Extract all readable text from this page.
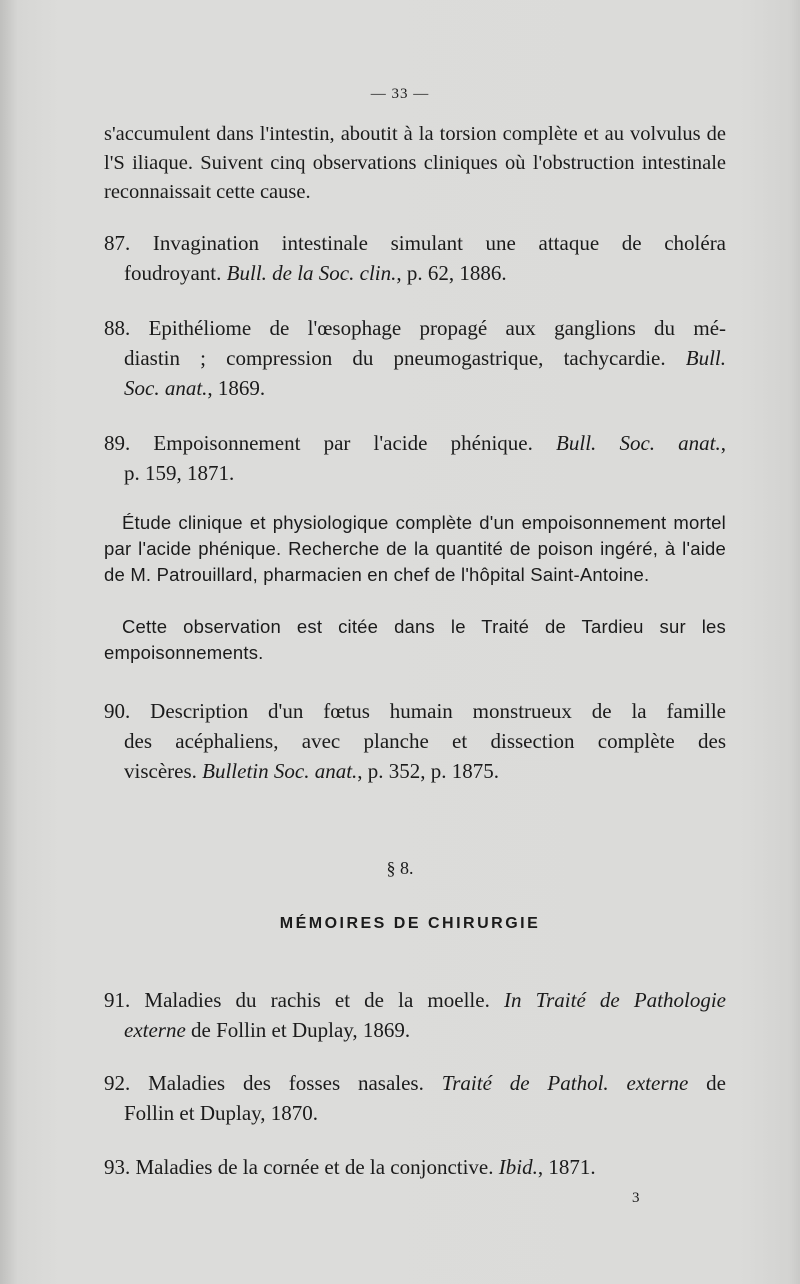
— 33 —

s'accumulent dans l'intestin, aboutit à la torsion complète et au volvulus de l'S iliaque. Suivent cinq observations cliniques où l'obstruction intestinale reconnaissait cette cause.

87. Invagination intestinale simulant une attaque de choléra
foudroyant. Bull. de la Soc. clin., p. 62, 1886.
88. Epithéliome de l'œsophage propagé aux ganglions du mé-
diastin ; compression du pneumogastrique, tachycardie. Bull.
Soc. anat., 1869.
89. Empoisonnement par l'acide phénique. Bull. Soc. anat.,
p. 159, 1871.

Étude clinique et physiologique complète d'un empoisonnement mortel par l'acide phénique. Recherche de la quantité de poison ingéré, à l'aide de M. Patrouillard, pharmacien en chef de l'hôpital Saint-Antoine.

Cette observation est citée dans le Traité de Tardieu sur les empoisonnements.

90. Description d'un fœtus humain monstrueux de la famille
des acéphaliens, avec planche et dissection complète des
viscères. Bulletin Soc. anat., p. 352, p. 1875.
§ 8.
MÉMOIRES DE CHIRURGIE
91. Maladies du rachis et de la moelle. In Traité de Pathologie
externe de Follin et Duplay, 1869.
92. Maladies des fosses nasales. Traité de Pathol. externe de
Follin et Duplay, 1870.
93. Maladies de la cornée et de la conjonctive. Ibid., 1871.
3
